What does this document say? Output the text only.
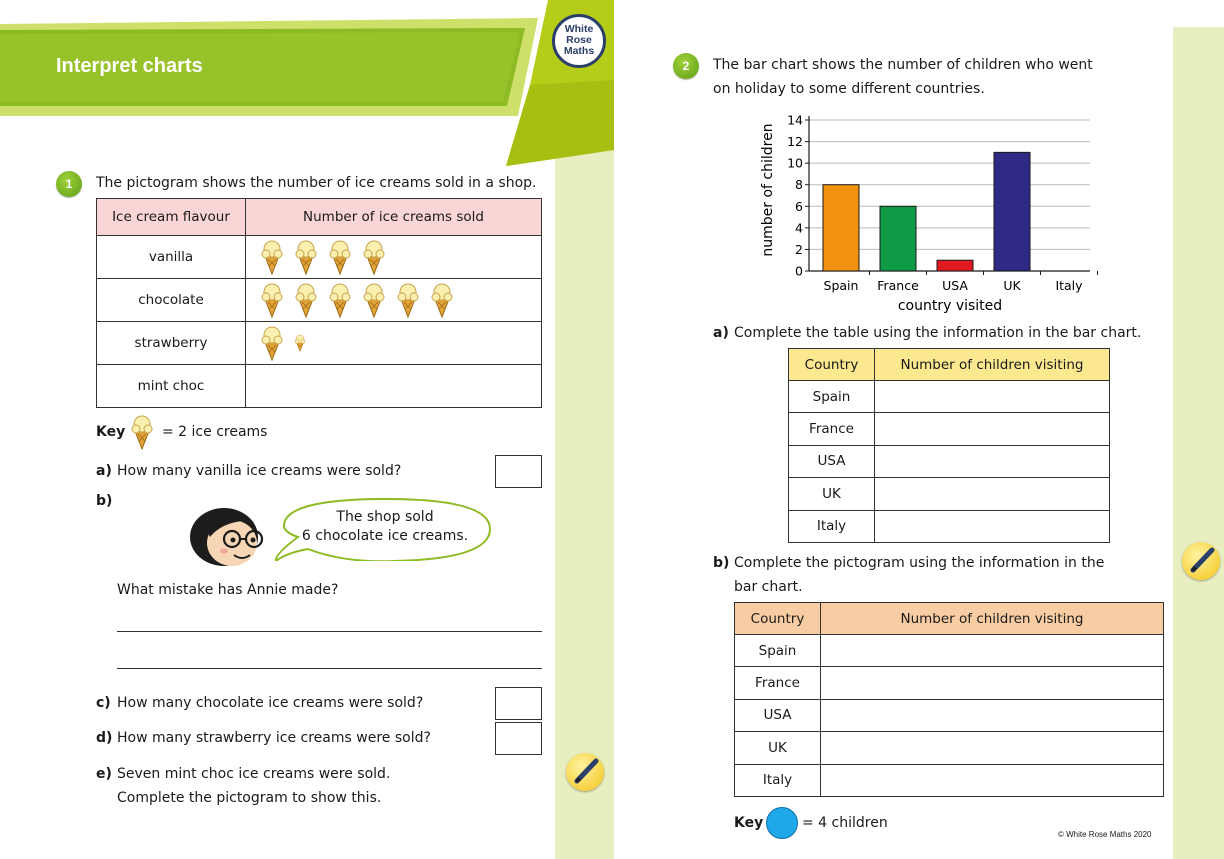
Interpret charts
White
Rose
Maths
1	The pictogram shows the number of ice creams sold in a shop.
Ice cream flavour	Number of ice creams sold
vanilla	
chocolate	
strawberry	
mint choc	
Key	= 2 ice creams
a) How many vanilla ice creams were sold?
b)
The shop sold
6 chocolate ice creams.
What mistake has Annie made?
c) How many chocolate ice creams were sold?
d) How many strawberry ice creams were sold?
e) Seven mint choc ice creams were sold.
Complete the pictogram to show this.
2	The bar chart shows the number of children who went
on holiday to some different countries.
number of children
country visited
0
2
4
6
8
10
12
14
Spain France USA	UK	Italy
a) Complete the table using the information in the bar chart.
Country	Number of children visiting
Spain	
France	
USA	
UK	
Italy	
b) Complete the pictogram using the information in the
bar chart.
Country	Number of children visiting
Spain	
France	
USA	
UK	
Italy	
Key	= 4 children
© White Rose Maths 2020
